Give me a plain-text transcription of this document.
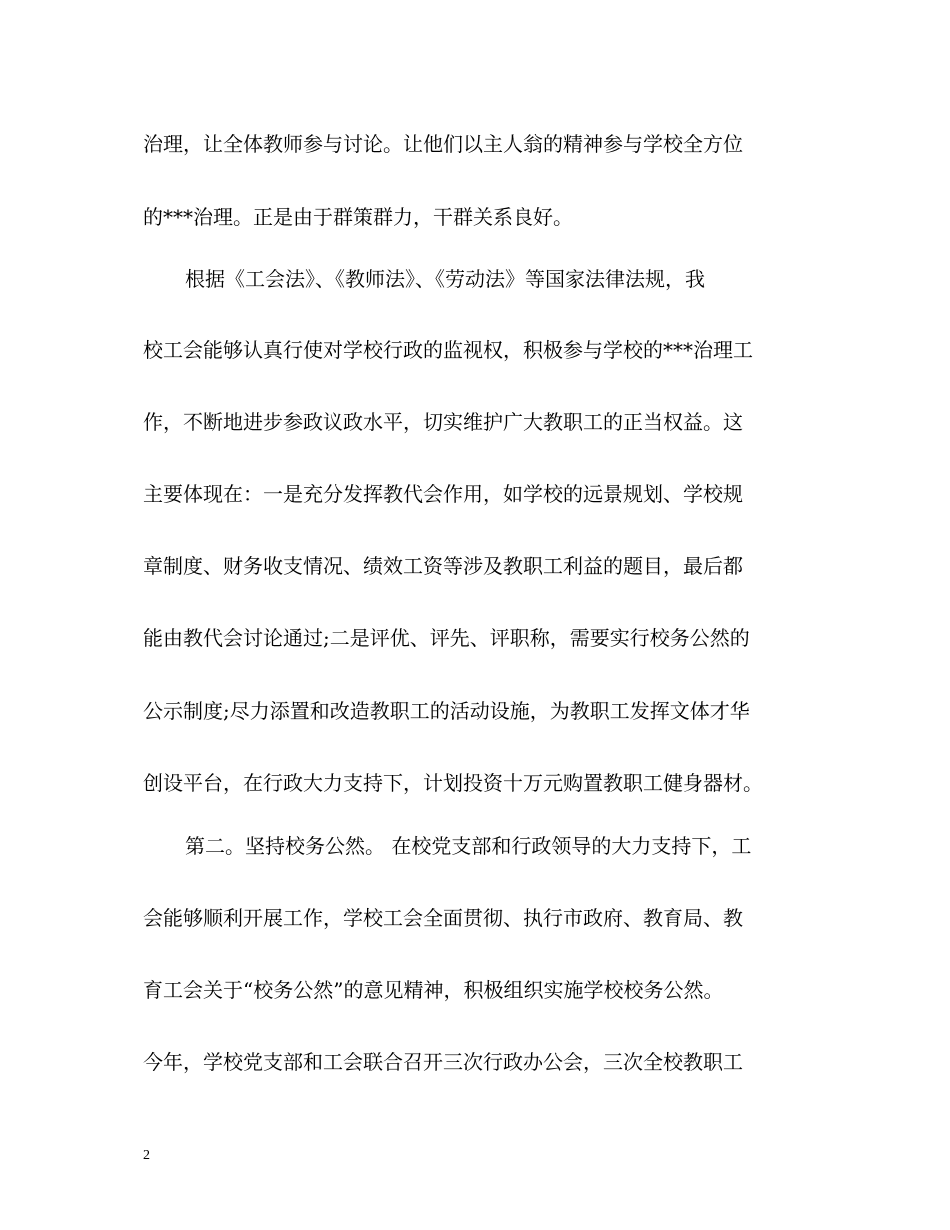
治理，让全体教师参与讨论。让他们以主人翁的精神参与学校全方位
的***治理。正是由于群策群力，干群关系良好。
根据《工会法》、《教师法》、《劳动法》等国家法律法规，我
校工会能够认真行使对学校行政的监视权，积极参与学校的***治理工
作，不断地进步参政议政水平，切实维护广大教职工的正当权益。这
主要体现在：一是充分发挥教代会作用，如学校的远景规划、学校规
章制度、财务收支情况、绩效工资等涉及教职工利益的题目，最后都
能由教代会讨论通过;二是评优、评先、评职称，需要实行校务公然的
公示制度;尽力添置和改造教职工的活动设施，为教职工发挥文体才华
创设平台，在行政大力支持下，计划投资十万元购置教职工健身器材。
第二。坚持校务公然。 在校党支部和行政领导的大力支持下，工
会能够顺利开展工作，学校工会全面贯彻、执行市政府、教育局、教
育工会关于“校务公然”的意见精神，积极组织实施学校校务公然。
今年，学校党支部和工会联合召开三次行政办公会，三次全校教职工
2
